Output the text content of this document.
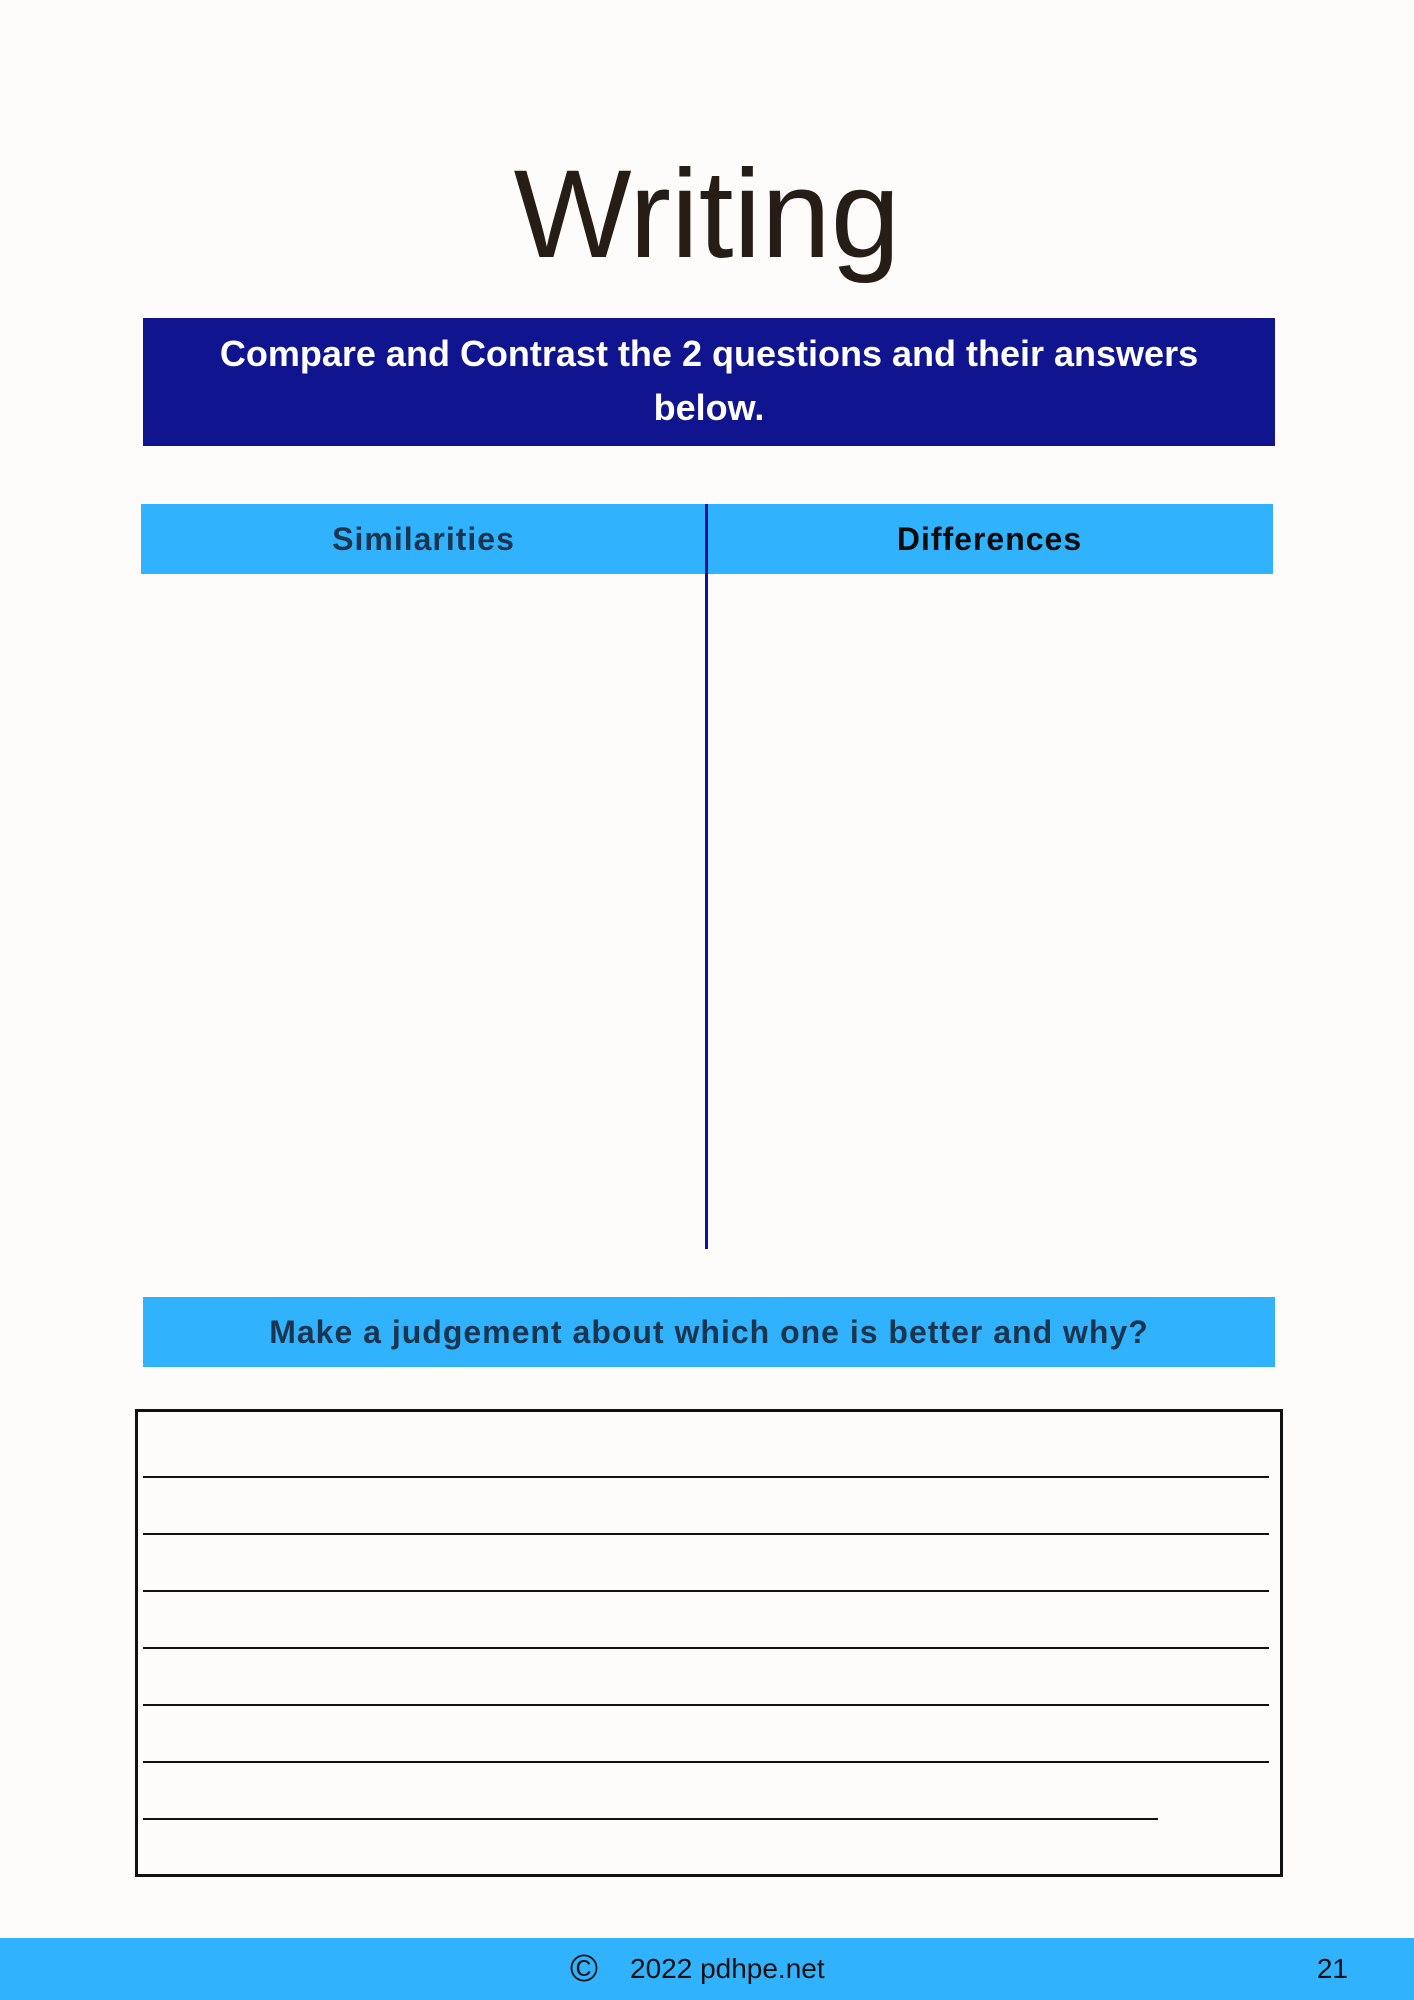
Writing
Compare and Contrast the 2 questions and their answers below.
Similarities	Differences
Make a judgement about which one is better and why?
© 2022 pdhpe.net	21
